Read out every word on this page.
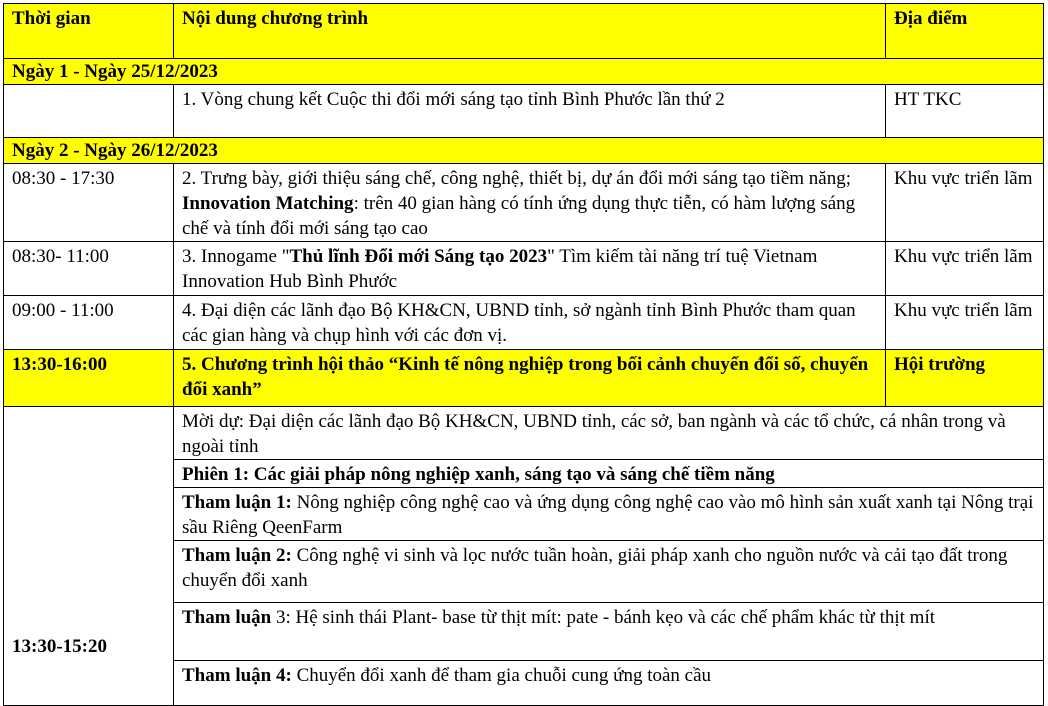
Thời gian	Nội dung chương trình	Địa điểm
Ngày 1 - Ngày 25/12/2023		
	1. Vòng chung kết Cuộc thi đổi mới sáng tạo tỉnh Bình Phước lần thứ 2	HT TKC
Ngày 2 - Ngày 26/12/2023		
08:30 - 17:30	2. Trưng bày, giới thiệu sáng chế, công nghệ, thiết bị, dự án đổi mới sáng tạo tiềm năng; Innovation Matching: trên 40 gian hàng có tính ứng dụng thực tiễn, có hàm lượng sáng chế và tính đổi mới sáng tạo cao	Khu vực triển lãm
08:30- 11:00	3. Innogame "Thủ lĩnh Đổi mới Sáng tạo 2023" Tìm kiếm tài năng trí tuệ Vietnam Innovation Hub Bình Phước	Khu vực triển lãm
09:00 - 11:00	4. Đại diện các lãnh đạo Bộ KH&CN, UBND tỉnh, sở ngành tỉnh Bình Phước tham quan các gian hàng và chụp hình với các đơn vị.	Khu vực triển lãm
13:30-16:00	5. Chương trình hội thảo “Kinh tế nông nghiệp trong bối cảnh chuyển đổi số, chuyển đổi xanh”	Hội trường
13:30-15:20	Mời dự: Đại diện các lãnh đạo Bộ KH&CN, UBND tỉnh, các sở, ban ngành và các tổ chức, cá nhân trong và ngoài tỉnh	
	Phiên 1: Các giải pháp nông nghiệp xanh, sáng tạo và sáng chế tiềm năng	
	Tham luận 1: Nông nghiệp công nghệ cao và ứng dụng công nghệ cao vào mô hình sản xuất xanh tại Nông trại sầu Riêng QeenFarm	
	Tham luận 2: Công nghệ vi sinh và lọc nước tuần hoàn, giải pháp xanh cho nguồn nước và cải tạo đất trong chuyển đổi xanh	
	Tham luận 3: Hệ sinh thái Plant- base từ thịt mít: pate - bánh kẹo và các chế phẩm khác từ thịt mít	
	Tham luận 4: Chuyển đổi xanh để tham gia chuỗi cung ứng toàn cầu	
